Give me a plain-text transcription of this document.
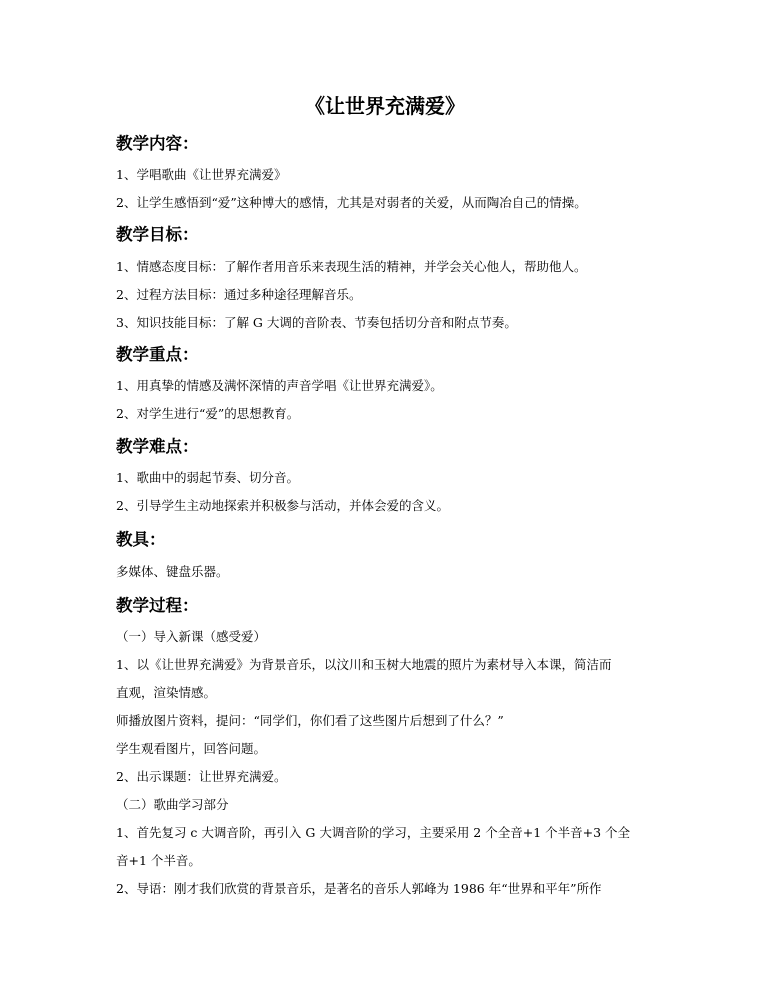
《让世界充满爱》
教学内容：
1、学唱歌曲《让世界充满爱》
2、让学生感悟到“爱”这种博大的感情，尤其是对弱者的关爱，从而陶冶自己的情操。
教学目标：
1、情感态度目标：了解作者用音乐来表现生活的精神，并学会关心他人，帮助他人。
2、过程方法目标：通过多种途径理解音乐。
3、知识技能目标：了解 G 大调的音阶表、节奏包括切分音和附点节奏。
教学重点：
1、用真挚的情感及满怀深情的声音学唱《让世界充满爱》。
2、对学生进行“爱”的思想教育。
教学难点：
1、歌曲中的弱起节奏、切分音。
2、引导学生主动地探索并积极参与活动，并体会爱的含义。
教具：
多媒体、键盘乐器。
教学过程：
（一）导入新课（感受爱）
1、以《让世界充满爱》为背景音乐，以汶川和玉树大地震的照片为素材导入本课，简洁而
直观，渲染情感。
师播放图片资料，提问：“同学们，你们看了这些图片后想到了什么？”
学生观看图片，回答问题。
2、出示课题：让世界充满爱。
（二）歌曲学习部分
1、首先复习 c 大调音阶，再引入 G 大调音阶的学习，主要采用 2 个全音+1 个半音+3 个全
音+1 个半音。
2、导语：刚才我们欣赏的背景音乐，是著名的音乐人郭峰为 1986 年“世界和平年”所作
